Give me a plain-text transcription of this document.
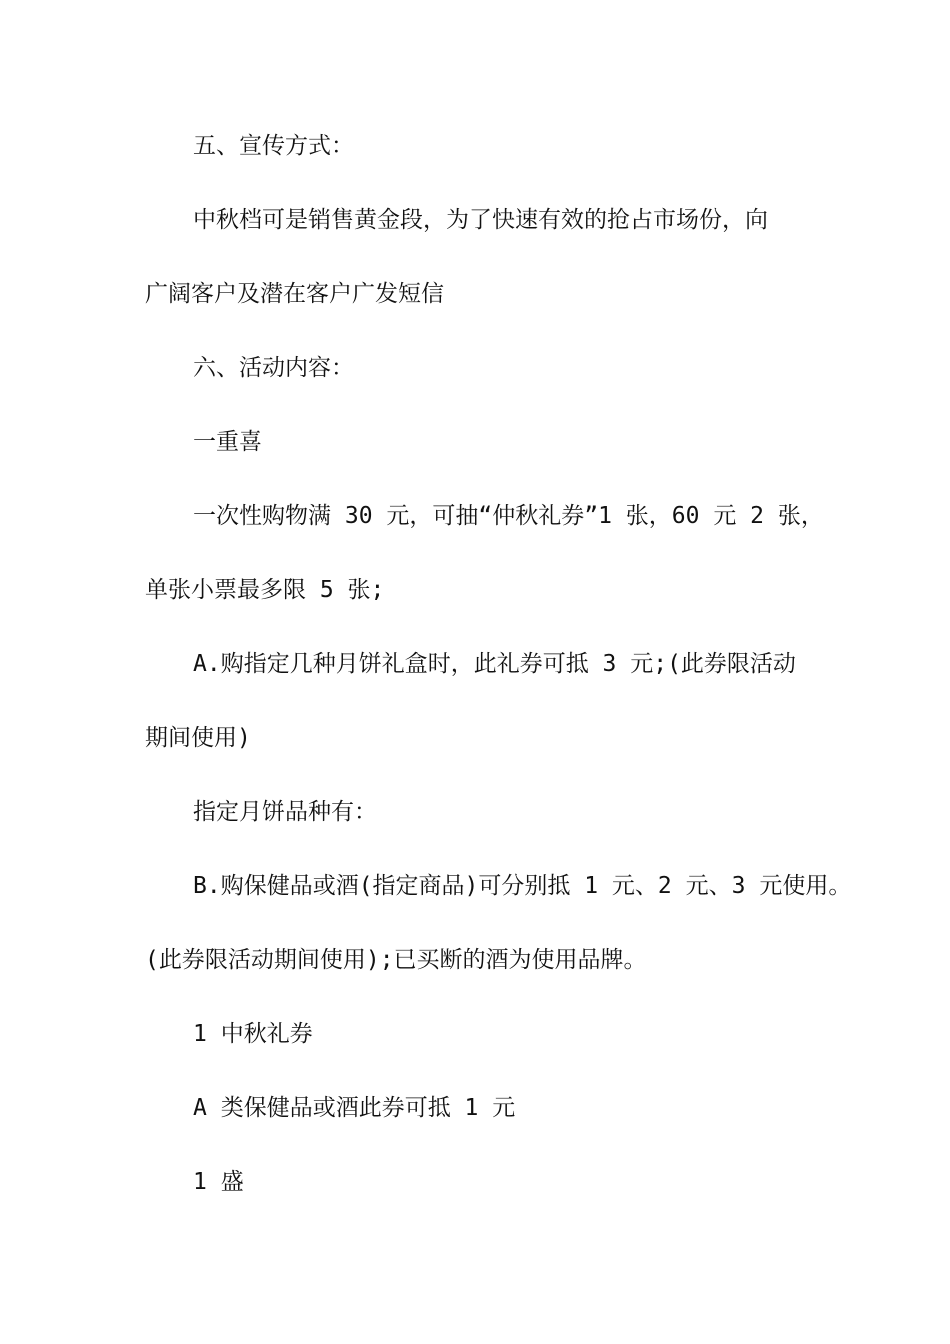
五、宣传方式：
中秋档可是销售黄金段，为了快速有效的抢占市场份，向
广阔客户及潜在客户广发短信
六、活动内容：
一重喜
一次性购物满 30 元，可抽“仲秋礼券”1 张，60 元 2 张，
单张小票最多限 5 张;
A.购指定几种月饼礼盒时，此礼券可抵 3 元;(此券限活动
期间使用)
指定月饼品种有：
B.购保健品或酒(指定商品)可分别抵 1 元、2 元、3 元使用。
(此券限活动期间使用);已买断的酒为使用品牌。
1 中秋礼券
A 类保健品或酒此券可抵 1 元
1 盛
